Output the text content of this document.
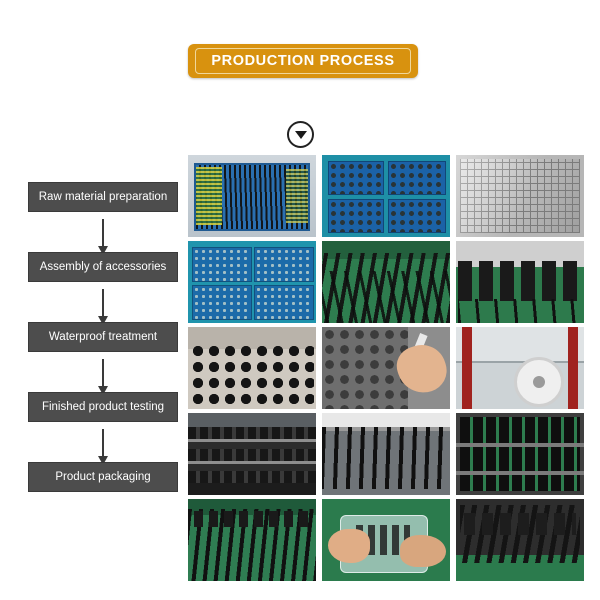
PRODUCTION PROCESS
Raw material preparation
Assembly of accessories
Waterproof treatment
Finished product testing
Product packaging
